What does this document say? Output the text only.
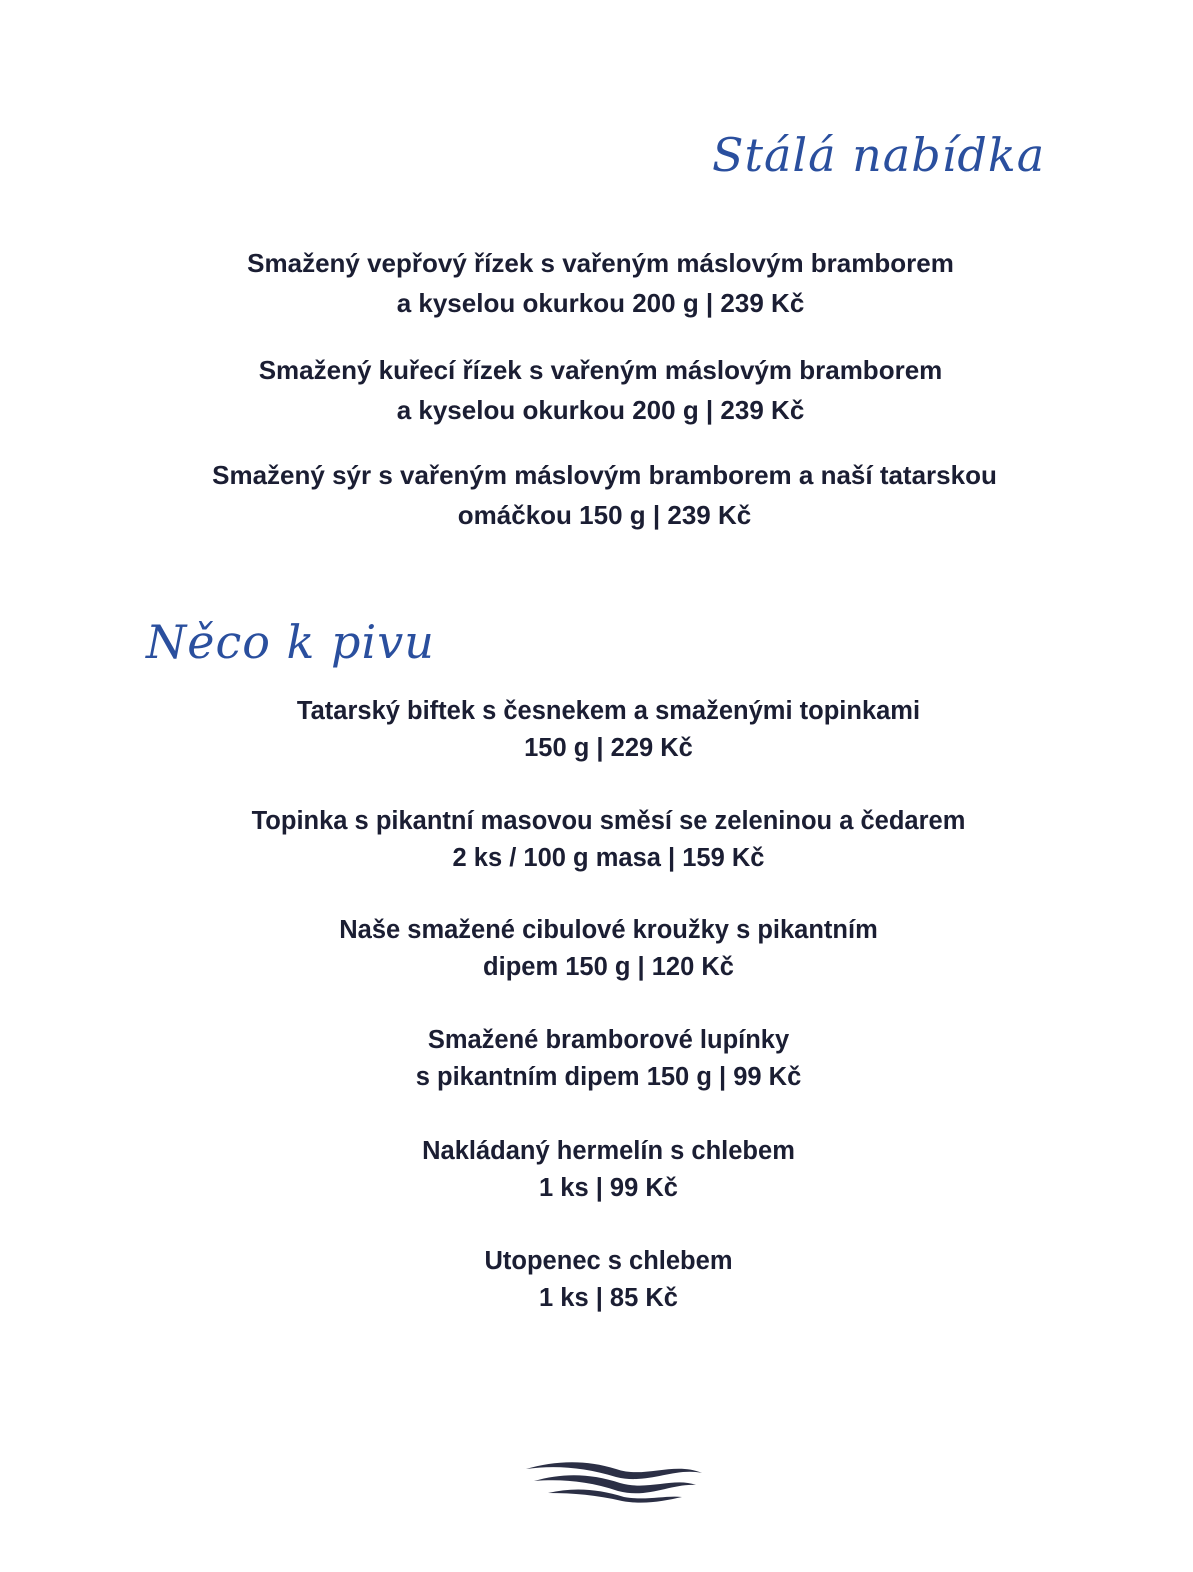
Stálá nabídka
Smažený vepřový řízek s vařeným máslovým bramborem
a kyselou okurkou 200 g | 239 Kč
Smažený kuřecí řízek s vařeným máslovým bramborem
a kyselou okurkou 200 g | 239 Kč
Smažený sýr s vařeným máslovým bramborem a naší tatarskou
omáčkou 150 g | 239 Kč
Něco k pivu
Tatarský biftek s česnekem a smaženými topinkami
150 g | 229 Kč
Topinka s pikantní masovou směsí se zeleninou a čedarem
2 ks / 100 g masa | 159 Kč
Naše smažené cibulové kroužky s pikantním
dipem 150 g | 120 Kč
Smažené bramborové lupínky
s pikantním dipem 150 g | 99 Kč
Nakládaný hermelín s chlebem
1 ks | 99 Kč
Utopenec s chlebem
1 ks | 85 Kč
